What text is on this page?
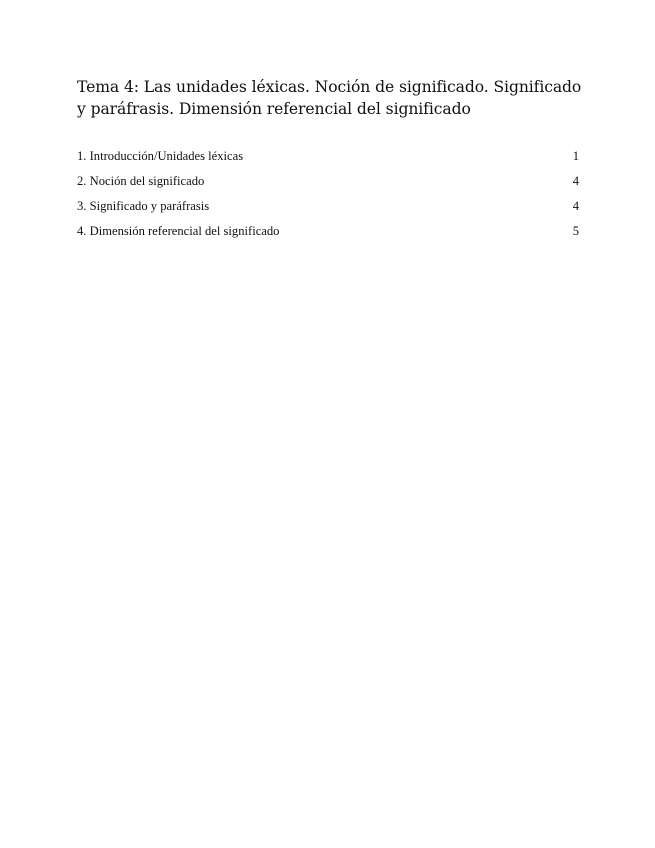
Tema 4: Las unidades léxicas. Noción de significado. Significado y paráfrasis. Dimensión referencial del significado
1. Introducción/Unidades léxicas	1
2. Noción del significado	4
3. Significado y paráfrasis	4
4. Dimensión referencial del significado	5
